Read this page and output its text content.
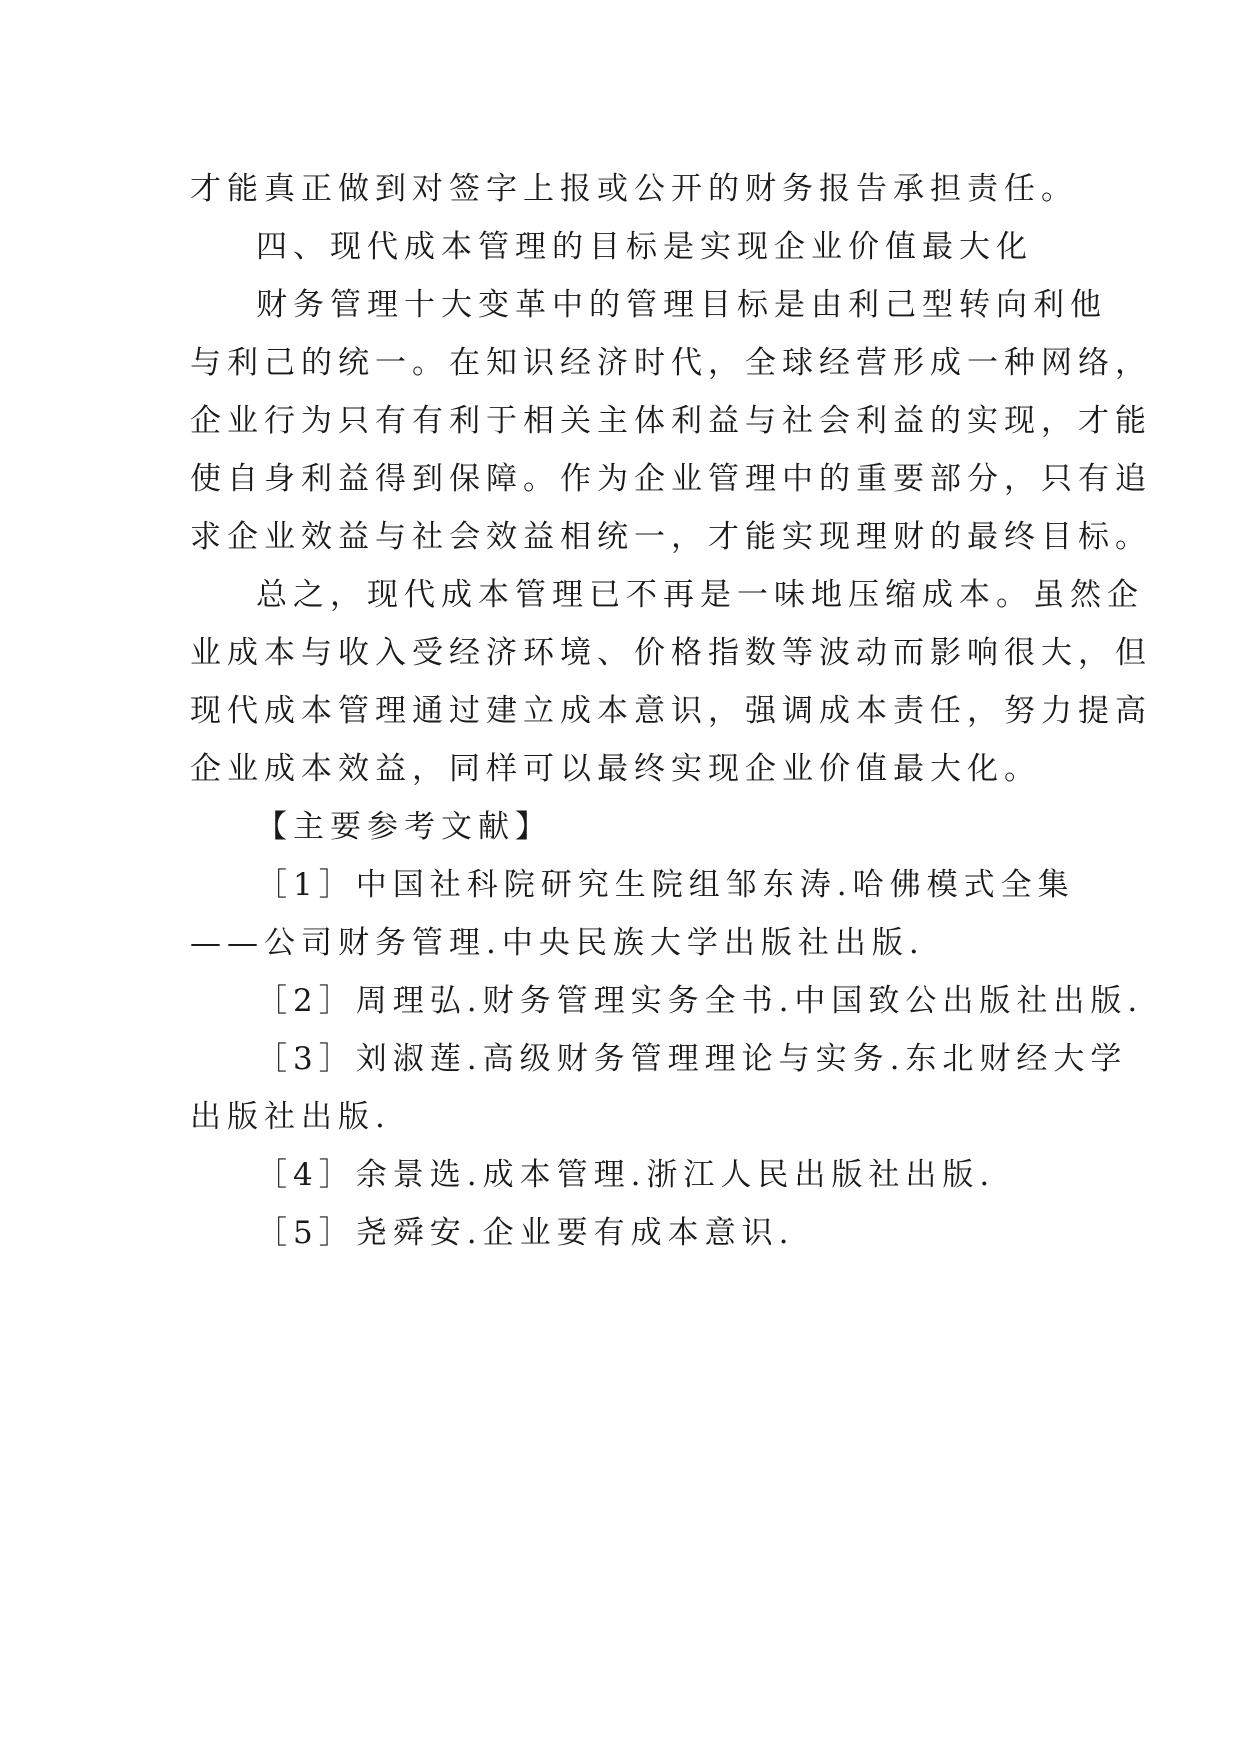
才能真正做到对签字上报或公开的财务报告承担责任。
四、现代成本管理的目标是实现企业价值最大化
财务管理十大变革中的管理目标是由利己型转向利他
与利己的统一。在知识经济时代，全球经营形成一种网络，
企业行为只有有利于相关主体利益与社会利益的实现，才能
使自身利益得到保障。作为企业管理中的重要部分，只有追
求企业效益与社会效益相统一，才能实现理财的最终目标。
总之，现代成本管理已不再是一味地压缩成本。虽然企
业成本与收入受经济环境、价格指数等波动而影响很大，但
现代成本管理通过建立成本意识，强调成本责任，努力提高
企业成本效益，同样可以最终实现企业价值最大化。
【主要参考文献】
［1］中国社科院研究生院组邹东涛.哈佛模式全集
——公司财务管理.中央民族大学出版社出版.
［2］周理弘.财务管理实务全书.中国致公出版社出版.
［3］刘淑莲.高级财务管理理论与实务.东北财经大学
出版社出版.
［4］余景选.成本管理.浙江人民出版社出版.
［5］尧舜安.企业要有成本意识.
